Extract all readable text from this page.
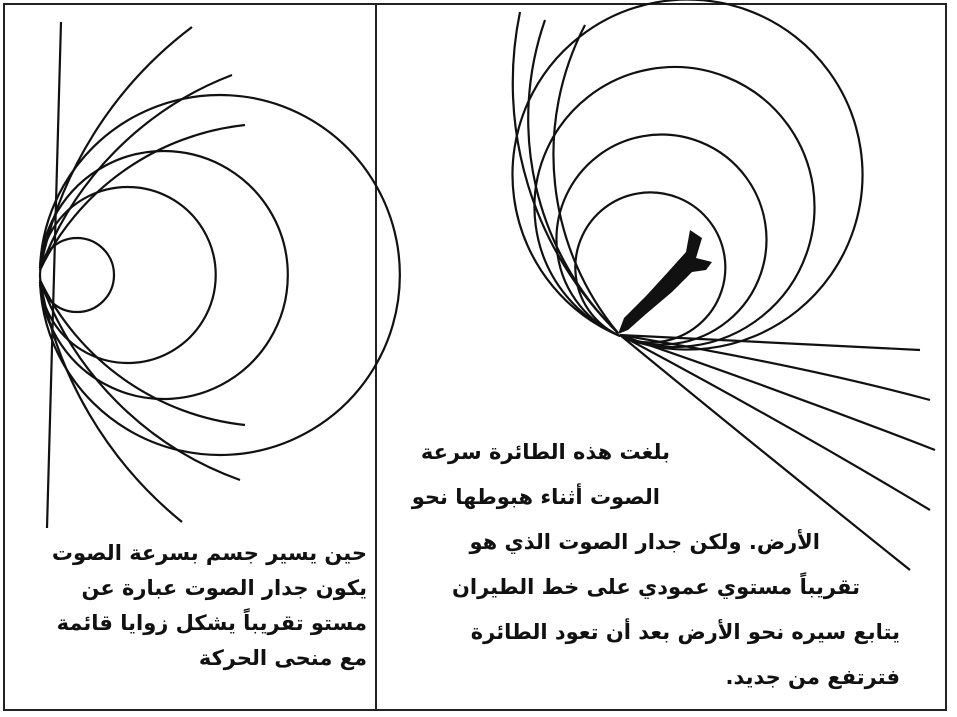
حين يسير جسم بسرعة الصوت
يكون جدار الصوت عبارة عن
مستو تقريباً يشكل زوايا قائمة
مع منحى الحركة
بلغت هذه الطائرة سرعة
الصوت أثناء هبوطها نحو
الأرض. ولكن جدار الصوت الذي هو
تقريباً مستوي عمودي على خط الطيران
يتابع سيره نحو الأرض بعد أن تعود الطائرة
فترتفع من جديد.
